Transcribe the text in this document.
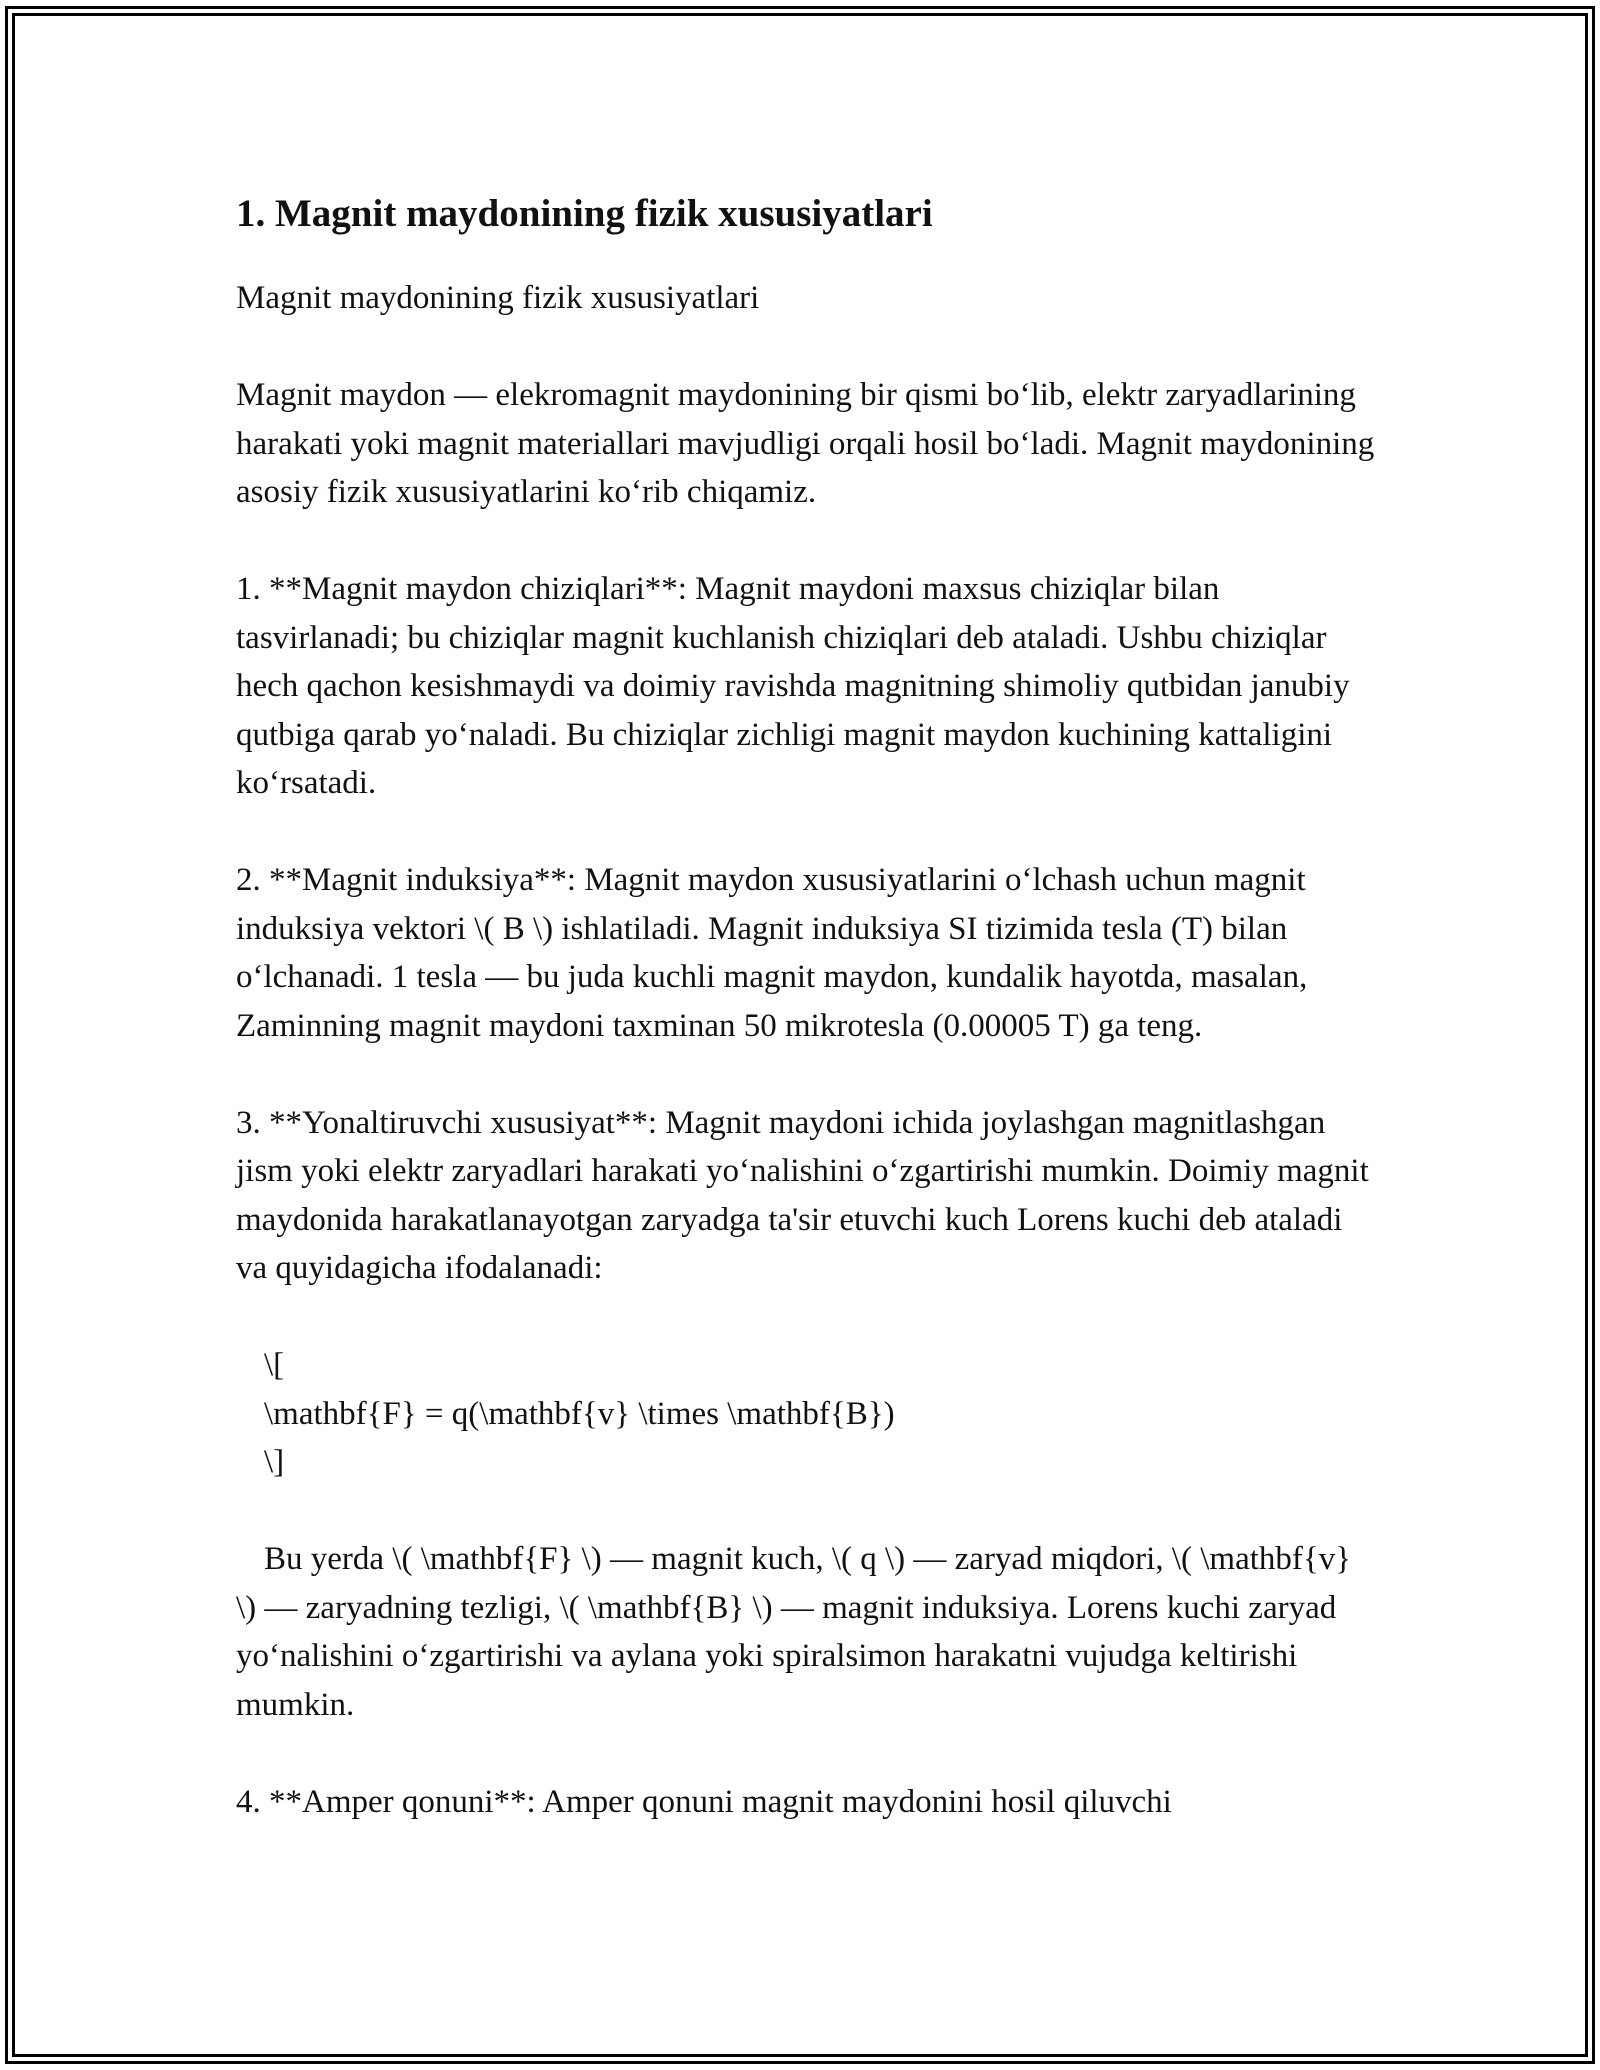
1. Magnit maydonining fizik xususiyatlari

Magnit maydonining fizik xususiyatlari

Magnit maydon — elekromagnit maydonining bir qismi bo‘lib, elektr zaryadlarining harakati yoki magnit materiallari mavjudligi orqali hosil bo‘ladi. Magnit maydonining asosiy fizik xususiyatlarini ko‘rib chiqamiz.

1. **Magnit maydon chiziqlari**: Magnit maydoni maxsus chiziqlar bilan tasvirlanadi; bu chiziqlar magnit kuchlanish chiziqlari deb ataladi. Ushbu chiziqlar hech qachon kesishmaydi va doimiy ravishda magnitning shimoliy qutbidan janubiy qutbiga qarab yo‘naladi. Bu chiziqlar zichligi magnit maydon kuchining kattaligini ko‘rsatadi.

2. **Magnit induksiya**: Magnit maydon xususiyatlarini o‘lchash uchun magnit induksiya vektori \( B \) ishlatiladi. Magnit induksiya SI tizimida tesla (T) bilan o‘lchanadi. 1 tesla — bu juda kuchli magnit maydon, kundalik hayotda, masalan, Zaminning magnit maydoni taxminan 50 mikrotesla (0.00005 T) ga teng.

3. **Yonaltiruvchi xususiyat**: Magnit maydoni ichida joylashgan magnitlashgan jism yoki elektr zaryadlari harakati yo‘nalishini o‘zgartirishi mumkin. Doimiy magnit maydonida harakatlanayotgan zaryadga ta'sir etuvchi kuch Lorens kuchi deb ataladi va quyidagicha ifodalanadi:

\[
\mathbf{F} = q(\mathbf{v} \times \mathbf{B})
\]

Bu yerda \( \mathbf{F} \) — magnit kuch, \( q \) — zaryad miqdori, \( \mathbf{v} \) — zaryadning tezligi, \( \mathbf{B} \) — magnit induksiya. Lorens kuchi zaryad yo‘nalishini o‘zgartirishi va aylana yoki spiralsimon harakatni vujudga keltirishi mumkin.

4. **Amper qonuni**: Amper qonuni magnit maydonini hosil qiluvchi
